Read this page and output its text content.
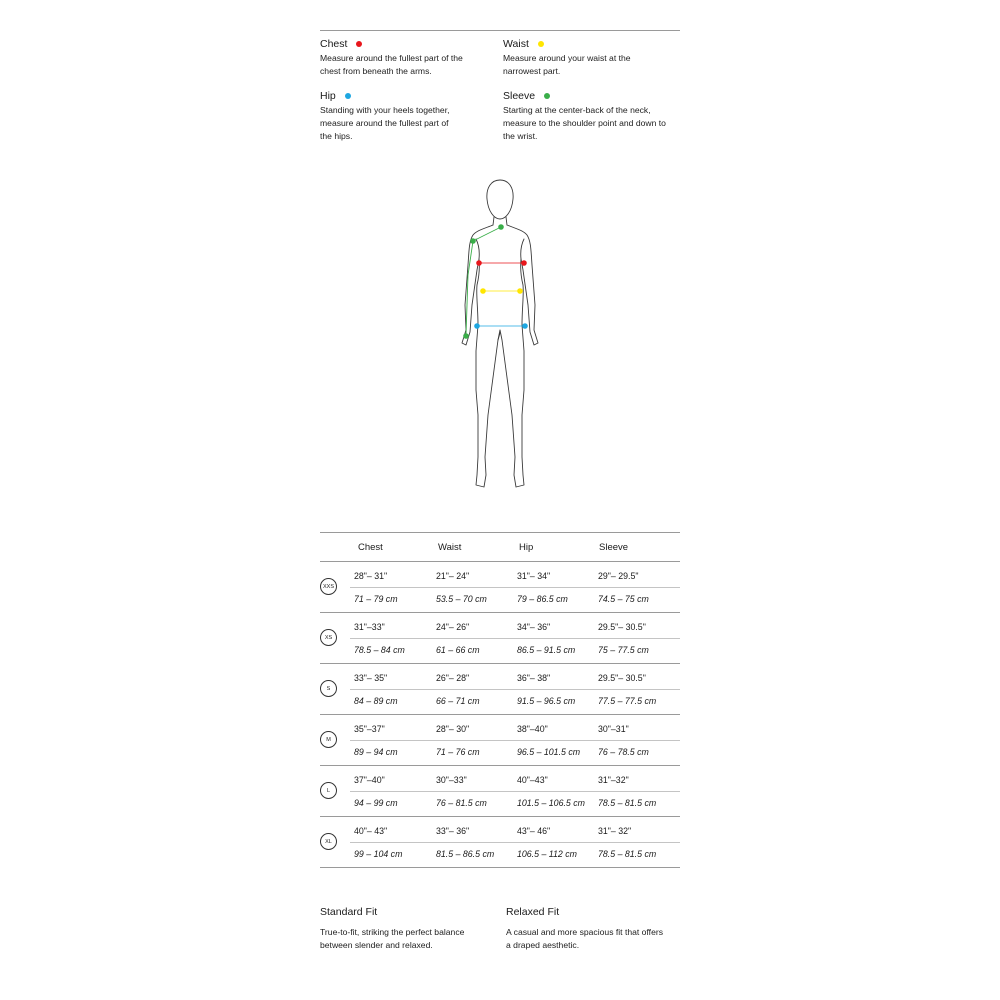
Chest
Measure around the fullest part of the
chest from beneath the arms.
Waist
Measure around your waist at the
narrowest part.
Hip
Standing with your heels together,
measure around the fullest part of
the hips.
Sleeve
Starting at the center-back of the neck,
measure to the shoulder point and down to
the wrist.
Chest	Waist	Hip	Sleeve
XXS
28"– 31"	21"– 24"	31"– 34"	29"– 29.5"
71 – 79 cm	53.5 – 70 cm	79 – 86.5 cm	74.5 – 75 cm
XS
31"–33"	24"– 26"	34"– 36"	29.5"– 30.5"
78.5 – 84 cm	61 – 66 cm	86.5 – 91.5 cm	75 – 77.5 cm
S
33"– 35"	26"– 28"	36"– 38"	29.5"– 30.5"
84 – 89 cm	66 – 71 cm	91.5 – 96.5 cm	77.5 – 77.5 cm
M
35"–37"	28"– 30"	38"–40"	30"–31"
89 – 94 cm	71 – 76 cm	96.5 – 101.5 cm 76 – 78.5 cm
L
37"–40"	30"–33"	40"–43"	31"–32"
94 – 99 cm	76 – 81.5 cm	101.5 – 106.5 cm 78.5 – 81.5 cm
XL
40"– 43"	33"– 36"	43"– 46"	31"– 32"
99 – 104 cm	81.5 – 86.5 cm	106.5 – 112 cm 78.5 – 81.5 cm
Standard Fit
True-to-fit, striking the perfect balance
between slender and relaxed.
Relaxed Fit
A casual and more spacious fit that offers
a draped aesthetic.
